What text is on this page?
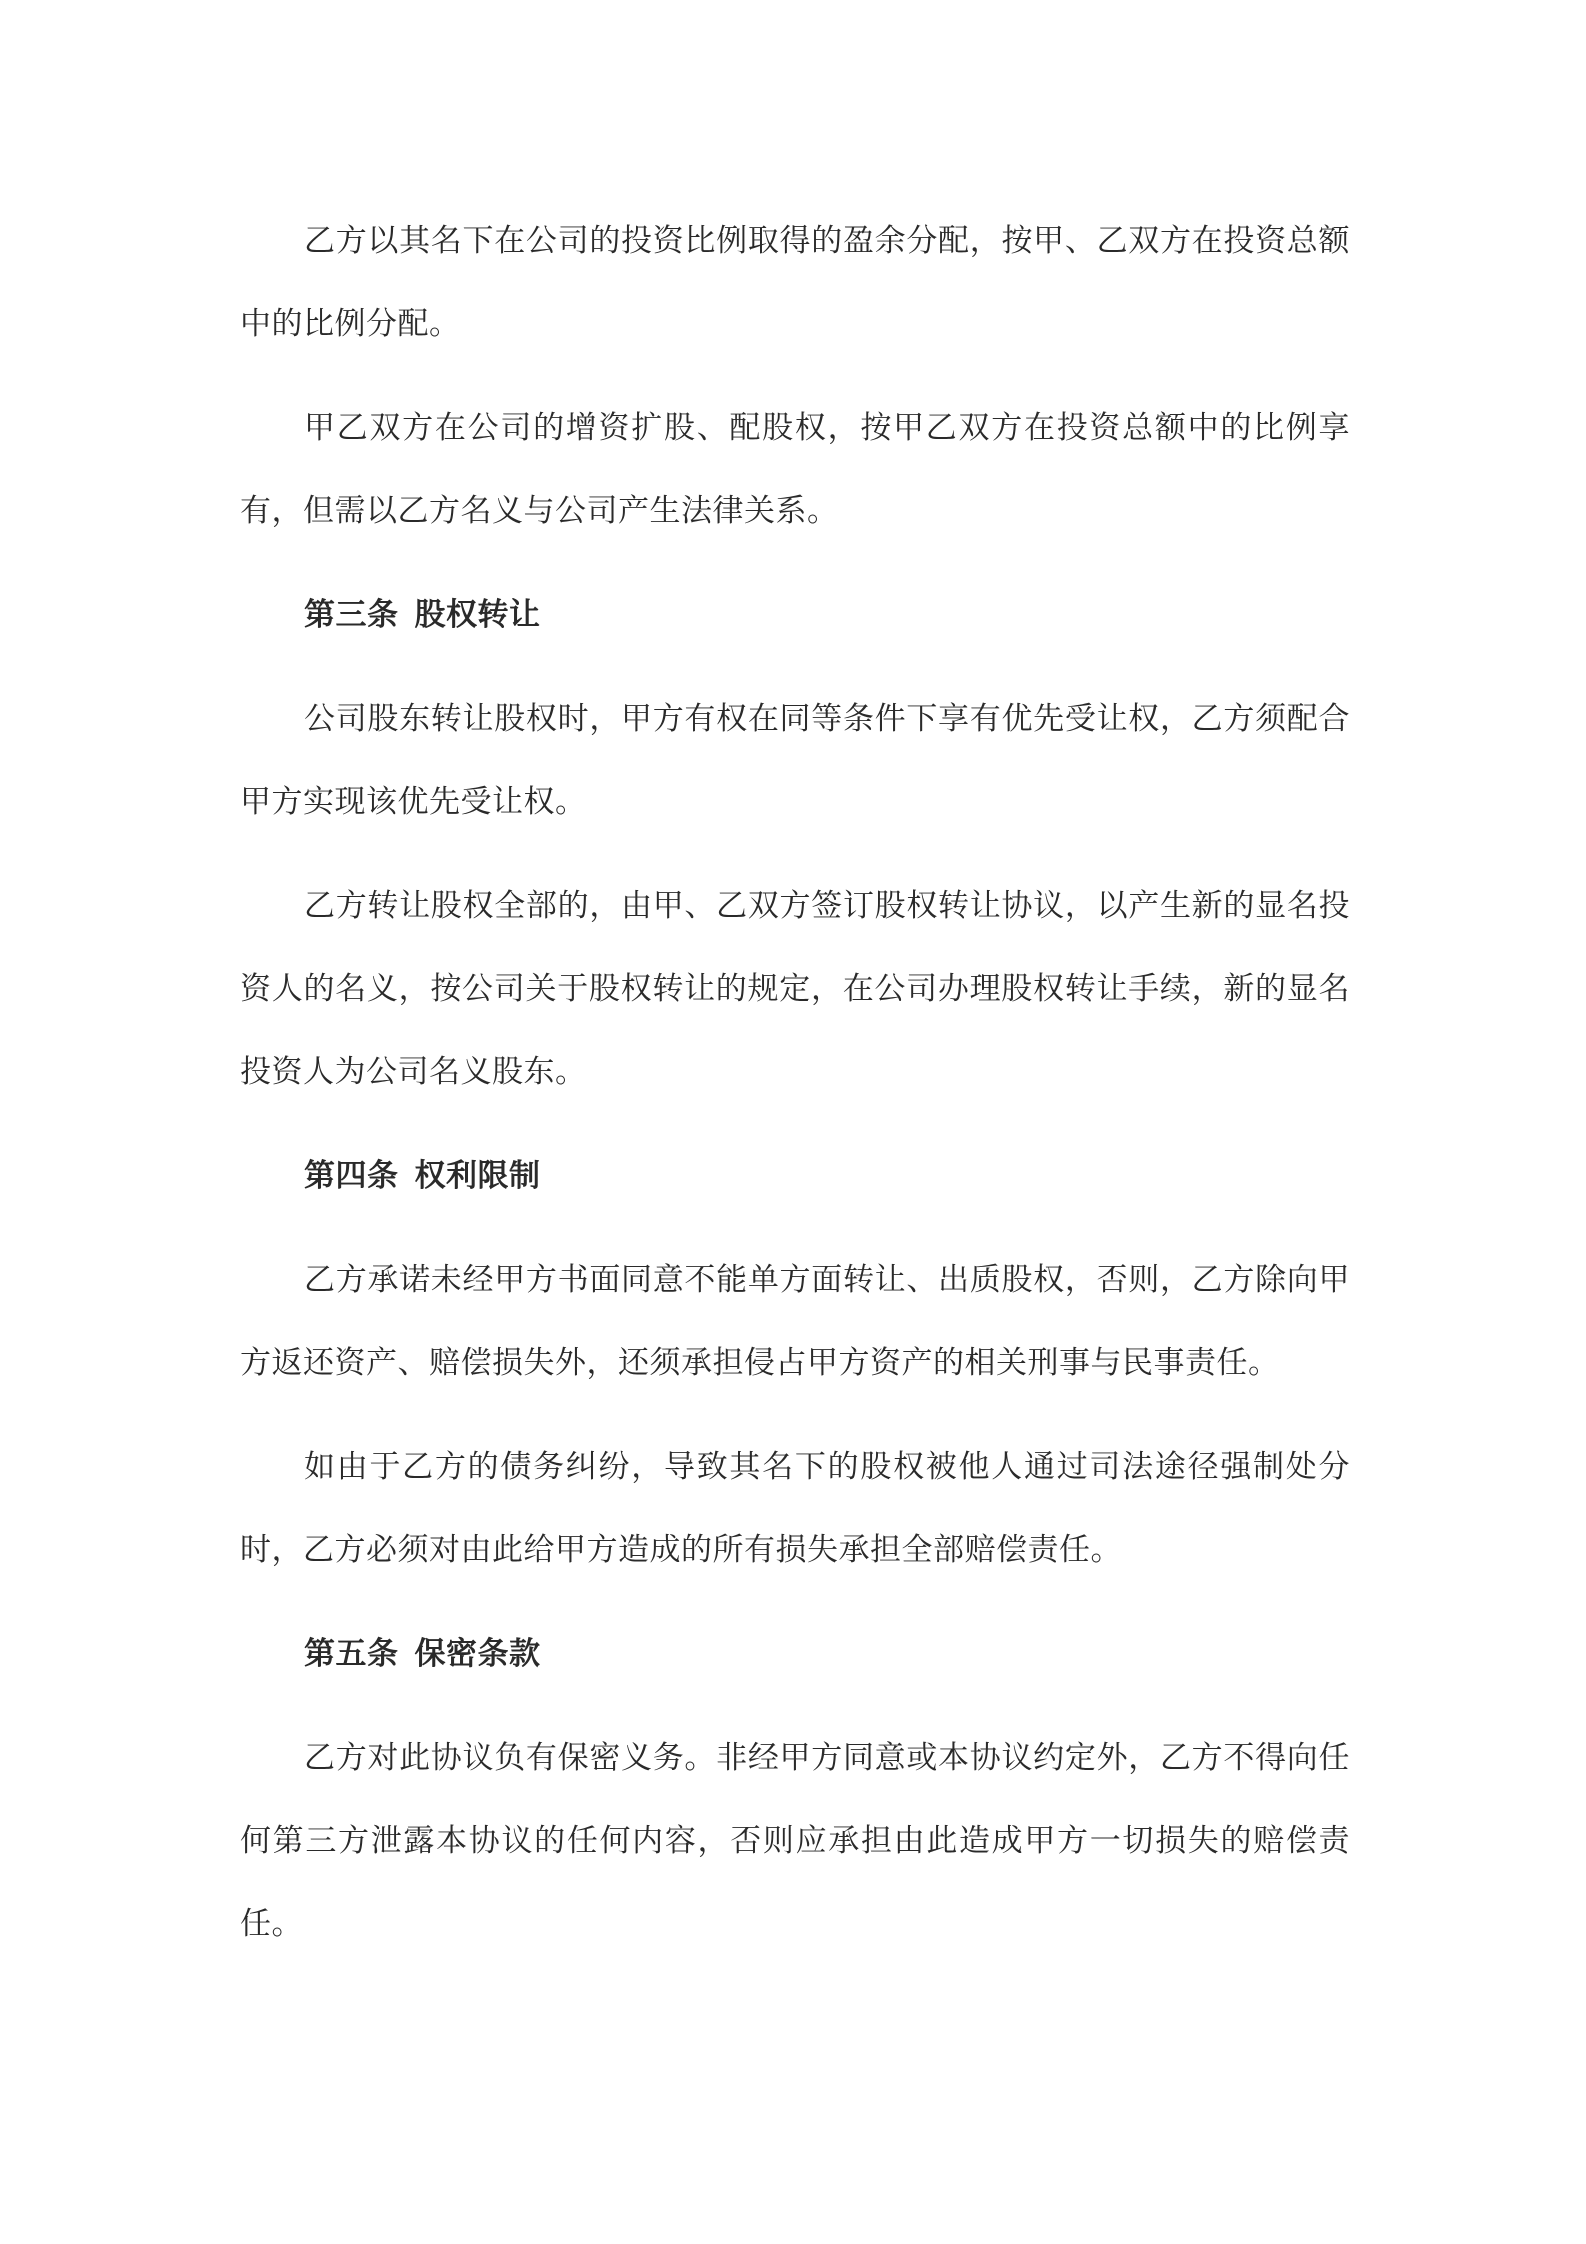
乙方以其名下在公司的投资比例取得的盈余分配，按甲、乙双方在投资总额中的比例分配。

甲乙双方在公司的增资扩股、配股权，按甲乙双方在投资总额中的比例享有，但需以乙方名义与公司产生法律关系。

第三条 股权转让

公司股东转让股权时，甲方有权在同等条件下享有优先受让权，乙方须配合甲方实现该优先受让权。

乙方转让股权全部的，由甲、乙双方签订股权转让协议，以产生新的显名投资人的名义，按公司关于股权转让的规定，在公司办理股权转让手续，新的显名投资人为公司名义股东。

第四条 权利限制

乙方承诺未经甲方书面同意不能单方面转让、出质股权，否则，乙方除向甲方返还资产、赔偿损失外，还须承担侵占甲方资产的相关刑事与民事责任。

如由于乙方的债务纠纷，导致其名下的股权被他人通过司法途径强制处分时，乙方必须对由此给甲方造成的所有损失承担全部赔偿责任。

第五条 保密条款

乙方对此协议负有保密义务。非经甲方同意或本协议约定外，乙方不得向任何第三方泄露本协议的任何内容，否则应承担由此造成甲方一切损失的赔偿责任。
